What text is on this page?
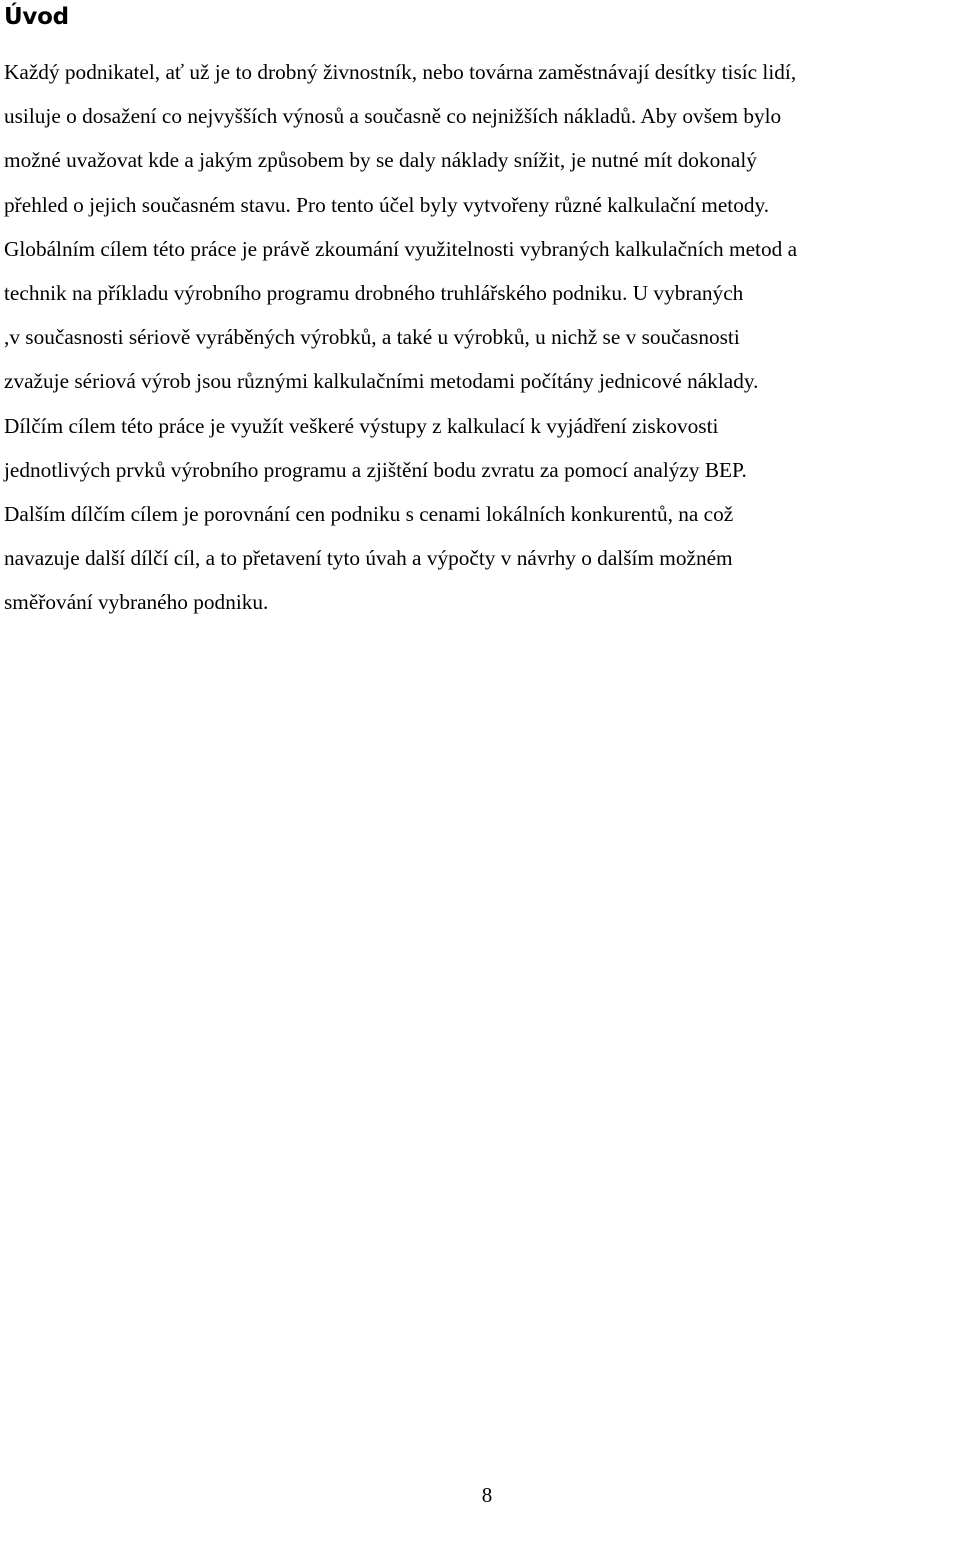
Úvod

Každý podnikatel, ať už je to drobný živnostník, nebo továrna zaměstnávají desítky tisíc lidí,
usiluje o dosažení co nejvyšších výnosů a současně co nejnižších nákladů. Aby ovšem bylo
možné uvažovat kde a jakým způsobem by se daly náklady snížit, je nutné mít dokonalý
přehled o jejich současném stavu. Pro tento účel byly vytvořeny různé kalkulační metody.
Globálním cílem této práce je právě zkoumání využitelnosti vybraných kalkulačních metod a
technik na příkladu výrobního programu drobného truhlářského podniku. U vybraných
,v současnosti sériově vyráběných výrobků, a také u výrobků, u nichž se v současnosti
zvažuje sériová výrob jsou různými kalkulačními metodami počítány jednicové náklady.
Dílčím cílem této práce je využít veškeré výstupy z kalkulací k vyjádření ziskovosti
jednotlivých prvků výrobního programu a zjištění bodu zvratu za pomocí analýzy BEP.
Dalším dílčím cílem je porovnání cen podniku s cenami lokálních konkurentů, na což
navazuje další dílčí cíl, a to přetavení tyto úvah a výpočty v návrhy o dalším možném
směřování vybraného podniku.

8
